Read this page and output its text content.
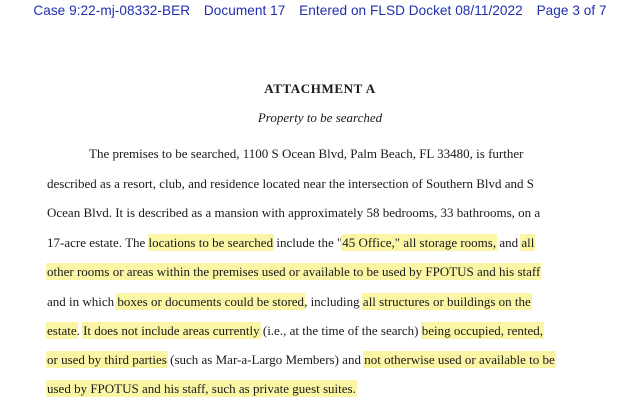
Case 9:22-mj-08332-BER Document 17 Entered on FLSD Docket 08/11/2022 Page 3 of 7
ATTACHMENT A
Property to be searched
The premises to be searched, 1100 S Ocean Blvd, Palm Beach, FL 33480, is further
described as a resort, club, and residence located near the intersection of Southern Blvd and S
Ocean Blvd. It is described as a mansion with approximately 58 bedrooms, 33 bathrooms, on a
17-acre estate. The locations to be searched include the "45 Office," all storage rooms, and all
other rooms or areas within the premises used or available to be used by FPOTUS and his staff
and in which boxes or documents could be stored, including all structures or buildings on the
estate. It does not include areas currently (i.e., at the time of the search) being occupied, rented,
or used by third parties (such as Mar-a-Largo Members) and not otherwise used or available to be
used by FPOTUS and his staff, such as private guest suites.
